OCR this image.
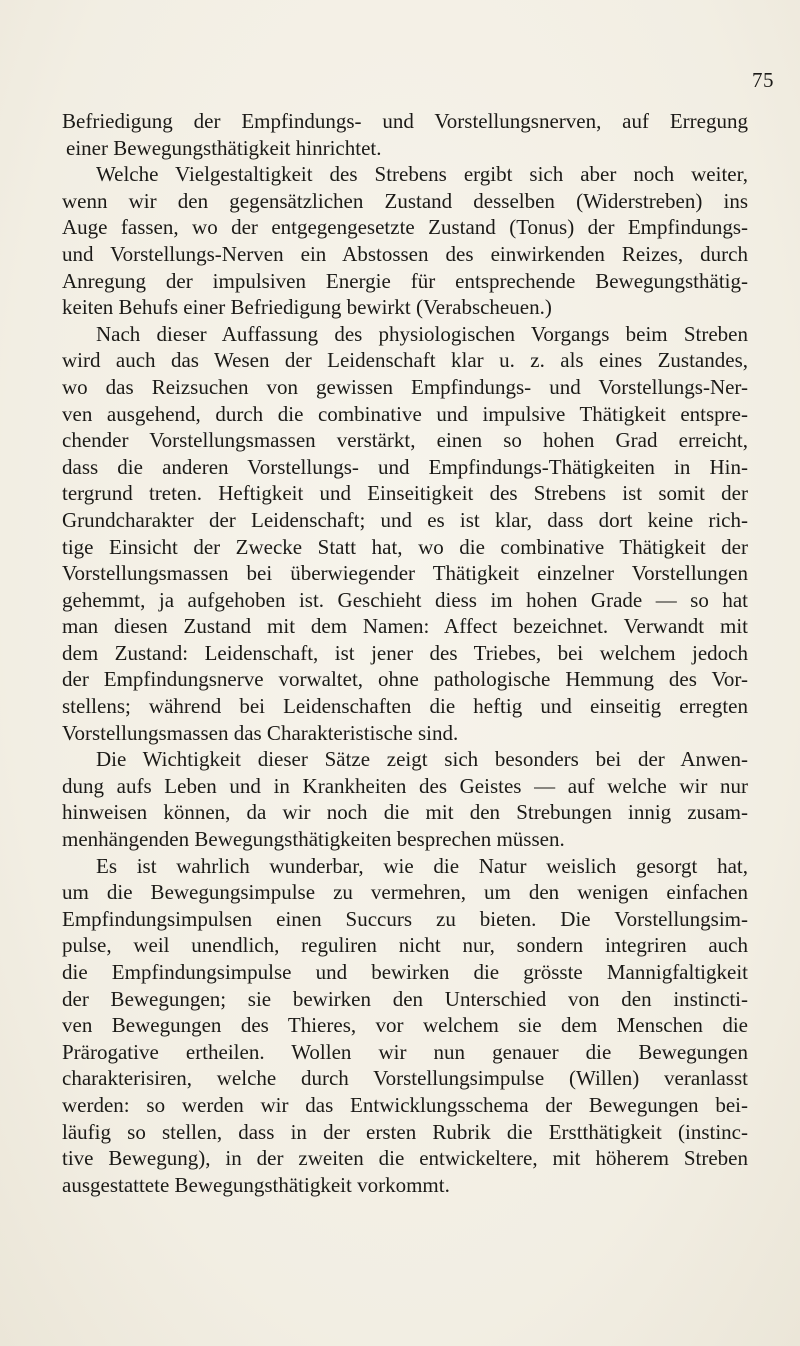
75
Befriedigung der Empfindungs- und Vorstellungsnerven, auf Erregung
einer Bewegungsthätigkeit hinrichtet.
Welche Vielgestaltigkeit des Strebens ergibt sich aber noch weiter,
wenn wir den gegensätzlichen Zustand desselben (Widerstreben) ins
Auge fassen, wo der entgegengesetzte Zustand (Tonus) der Empfindungs-
und Vorstellungs-Nerven ein Abstossen des einwirkenden Reizes, durch
Anregung der impulsiven Energie für entsprechende Bewegungsthätig-
keiten Behufs einer Befriedigung bewirkt (Verabscheuen.)
Nach dieser Auffassung des physiologischen Vorgangs beim Streben
wird auch das Wesen der Leidenschaft klar u. z. als eines Zustandes,
wo das Reizsuchen von gewissen Empfindungs- und Vorstellungs-Ner-
ven ausgehend, durch die combinative und impulsive Thätigkeit entspre-
chender Vorstellungsmassen verstärkt, einen so hohen Grad erreicht,
dass die anderen Vorstellungs- und Empfindungs-Thätigkeiten in Hin-
tergrund treten. Heftigkeit und Einseitigkeit des Strebens ist somit der
Grundcharakter der Leidenschaft; und es ist klar, dass dort keine rich-
tige Einsicht der Zwecke Statt hat, wo die combinative Thätigkeit der
Vorstellungsmassen bei überwiegender Thätigkeit einzelner Vorstellungen
gehemmt, ja aufgehoben ist. Geschieht diess im hohen Grade — so hat
man diesen Zustand mit dem Namen: Affect bezeichnet. Verwandt mit
dem Zustand: Leidenschaft, ist jener des Triebes, bei welchem jedoch
der Empfindungsnerve vorwaltet, ohne pathologische Hemmung des Vor-
stellens; während bei Leidenschaften die heftig und einseitig erregten
Vorstellungsmassen das Charakteristische sind.
Die Wichtigkeit dieser Sätze zeigt sich besonders bei der Anwen-
dung aufs Leben und in Krankheiten des Geistes — auf welche wir nur
hinweisen können, da wir noch die mit den Strebungen innig zusam-
menhängenden Bewegungsthätigkeiten besprechen müssen.
Es ist wahrlich wunderbar, wie die Natur weislich gesorgt hat,
um die Bewegungsimpulse zu vermehren, um den wenigen einfachen
Empfindungsimpulsen einen Succurs zu bieten. Die Vorstellungsim-
pulse, weil unendlich, reguliren nicht nur, sondern integriren auch
die Empfindungsimpulse und bewirken die grösste Mannigfaltigkeit
der Bewegungen; sie bewirken den Unterschied von den instincti-
ven Bewegungen des Thieres, vor welchem sie dem Menschen die
Prärogative ertheilen. Wollen wir nun genauer die Bewegungen
charakterisiren, welche durch Vorstellungsimpulse (Willen) veranlasst
werden: so werden wir das Entwicklungsschema der Bewegungen bei-
läufig so stellen, dass in der ersten Rubrik die Erstthätigkeit (instinc-
tive Bewegung), in der zweiten die entwickeltere, mit höherem Streben
ausgestattete Bewegungsthätigkeit vorkommt.
